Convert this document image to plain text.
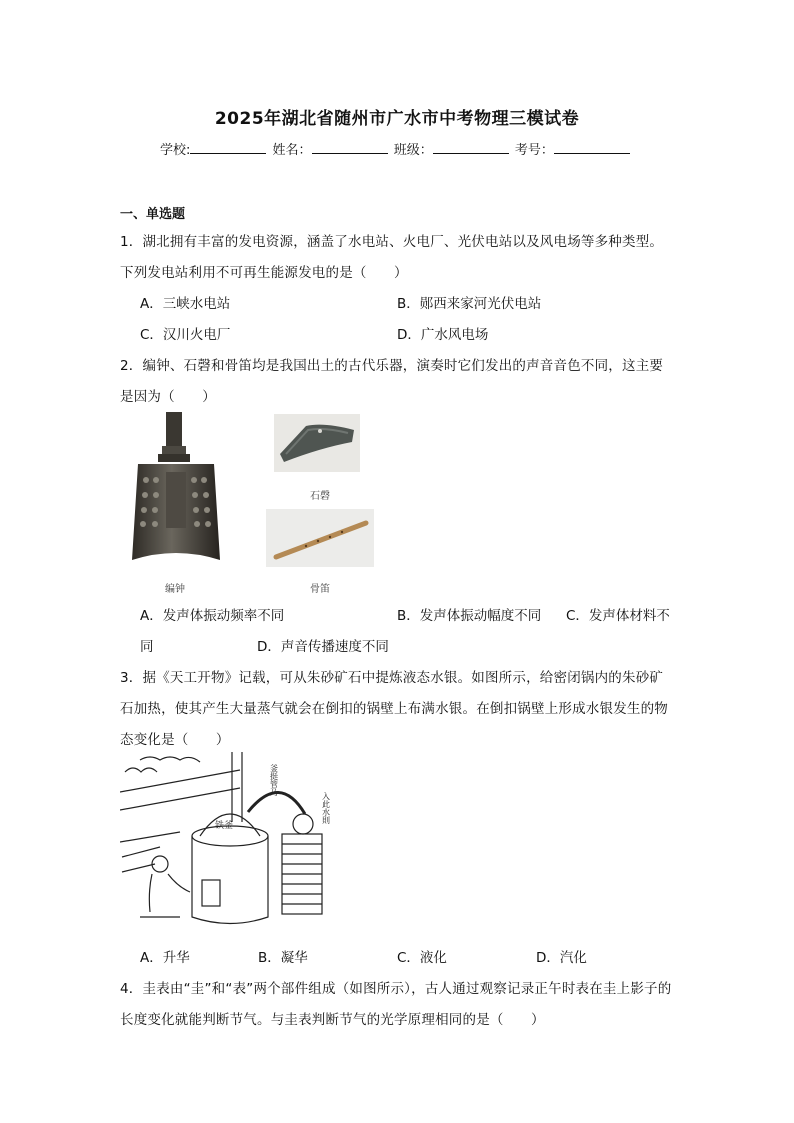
2025年湖北省随州市广水市中考物理三模试卷
学校:	姓名：	班级：	考号：
一、单选题
1．湖北拥有丰富的发电资源，涵盖了水电站、火电厂、光伏电站以及风电场等多种类型。
下列发电站利用不可再生能源发电的是（　　）
A．三峡水电站	B．郧西来家河光伏电站
C．汉川火电厂	D．广水风电场
2．编钟、石磬和骨笛均是我国出土的古代乐器，演奏时它们发出的声音音色不同，这主要
是因为（　　）
编钟
石磬
骨笛
A．发声体振动频率不同	B．发声体振动幅度不同 C．发声体材料不
同	D．声音传播速度不同
3．据《天工开物》记载，可从朱砂矿石中提炼液态水银。如图所示，给密闭锅内的朱砂矿
石加热，使其产生大量蒸气就会在倒扣的锅壁上布满水银。在倒扣锅壁上形成水银发生的物
态变化是（　　）
铁釜
釜挺管乃
入此水則
A．升华	B．凝华	C．液化	D．汽化
4．圭表由“圭”和“表”两个部件组成（如图所示），古人通过观察记录正午时表在圭上影子的
长度变化就能判断节气。与圭表判断节气的光学原理相同的是（　　）
